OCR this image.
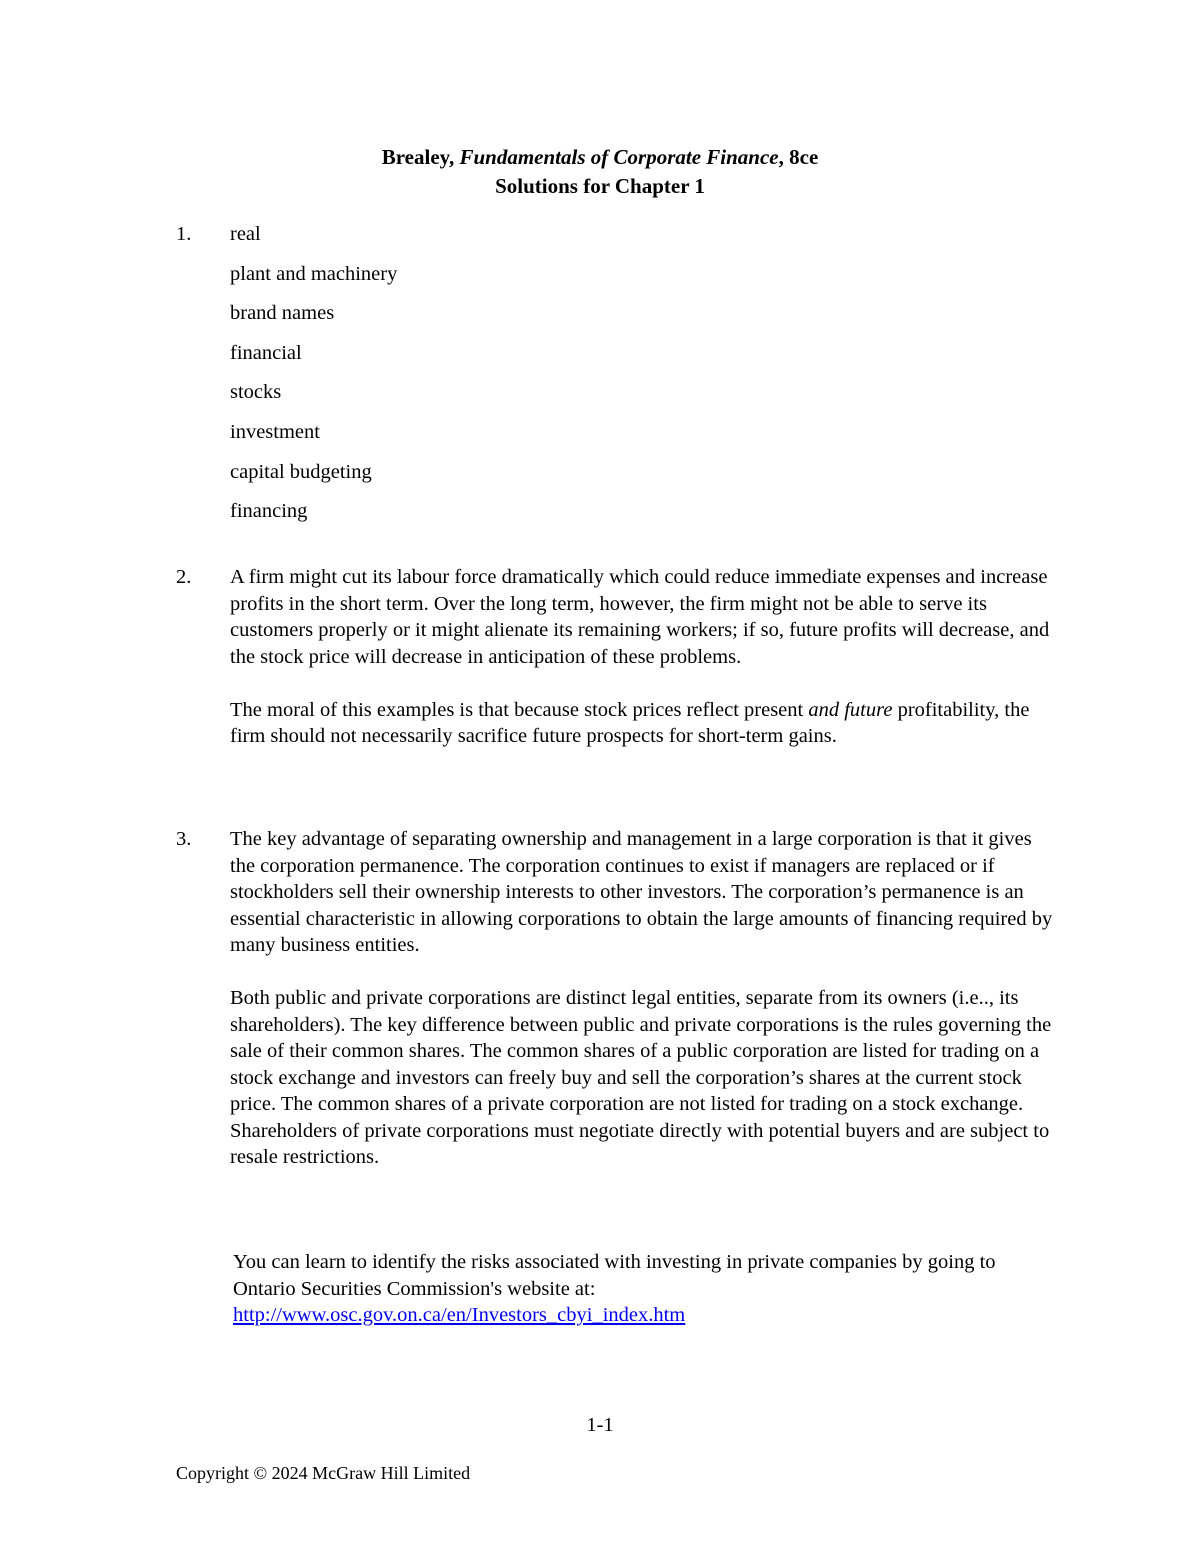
Brealey, Fundamentals of Corporate Finance, 8ce
Solutions for Chapter 1
1. real
plant and machinery
brand names
financial
stocks
investment
capital budgeting
financing
2. A firm might cut its labour force dramatically which could reduce immediate expenses and increase profits in the short term. Over the long term, however, the firm might not be able to serve its customers properly or it might alienate its remaining workers; if so, future profits will decrease, and the stock price will decrease in anticipation of these problems.

The moral of this examples is that because stock prices reflect present and future profitability, the firm should not necessarily sacrifice future prospects for short-term gains.

3. The key advantage of separating ownership and management in a large corporation is that it gives the corporation permanence. The corporation continues to exist if managers are replaced or if stockholders sell their ownership interests to other investors. The corporation’s permanence is an essential characteristic in allowing corporations to obtain the large amounts of financing required by many business entities.

Both public and private corporations are distinct legal entities, separate from its owners (i.e.., its shareholders). The key difference between public and private corporations is the rules governing the sale of their common shares. The common shares of a public corporation are listed for trading on a stock exchange and investors can freely buy and sell the corporation’s shares at the current stock price. The common shares of a private corporation are not listed for trading on a stock exchange. Shareholders of private corporations must negotiate directly with potential buyers and are subject to resale restrictions.

You can learn to identify the risks associated with investing in private companies by going to Ontario Securities Commission's website at:
http://www.osc.gov.on.ca/en/Investors_cbyi_index.htm
1-1
Copyright © 2024 McGraw Hill Limited
